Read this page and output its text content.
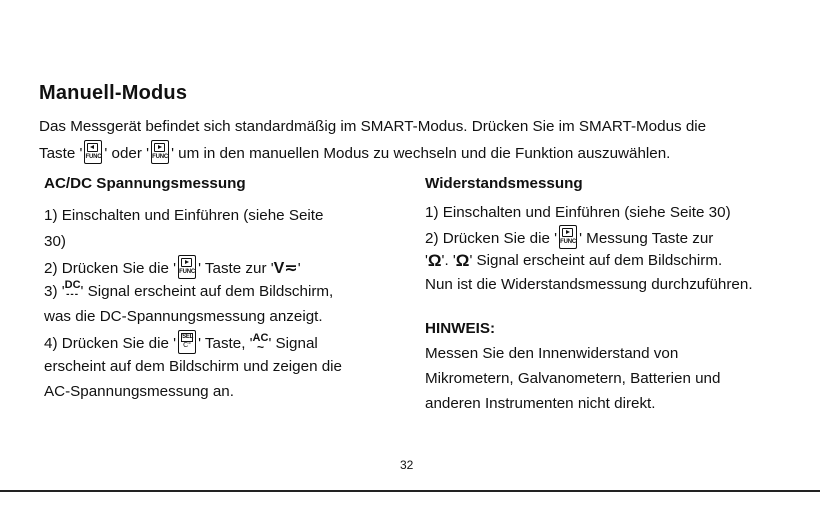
Manuell-Modus
Das Messgerät befindet sich standardmäßig im SMART-Modus. Drücken Sie im SMART-Modus die
Taste ' FUNC ' oder ' FUNC ' um in den manuellen Modus zu wechseln und die Funktion auszuwählen.
AC/DC Spannungsmessung
1) Einschalten und Einführen (siehe Seite
30)
2) Drücken Sie die ' FUNC ' Taste zur 'V≂'
3) 'DC
--- ' Signal erscheint auf dem Bildschirm,
was die DC-Spannungsmessung anzeigt.
4) Drücken Sie die ' SEL
C° ' Taste, 'AC
~ ' Signal
erscheint auf dem Bildschirm und zeigen die
AC-Spannungsmessung an.
Widerstandsmessung
1) Einschalten und Einführen (siehe Seite 30)
2) Drücken Sie die ' FUNC ' Messung Taste zur
'Ω'. 'Ω' Signal erscheint auf dem Bildschirm.
Nun ist die Widerstandsmessung durchzuführen.
HINWEIS:
Messen Sie den Innenwiderstand von
Mikrometern, Galvanometern, Batterien und
anderen Instrumenten nicht direkt.
32
